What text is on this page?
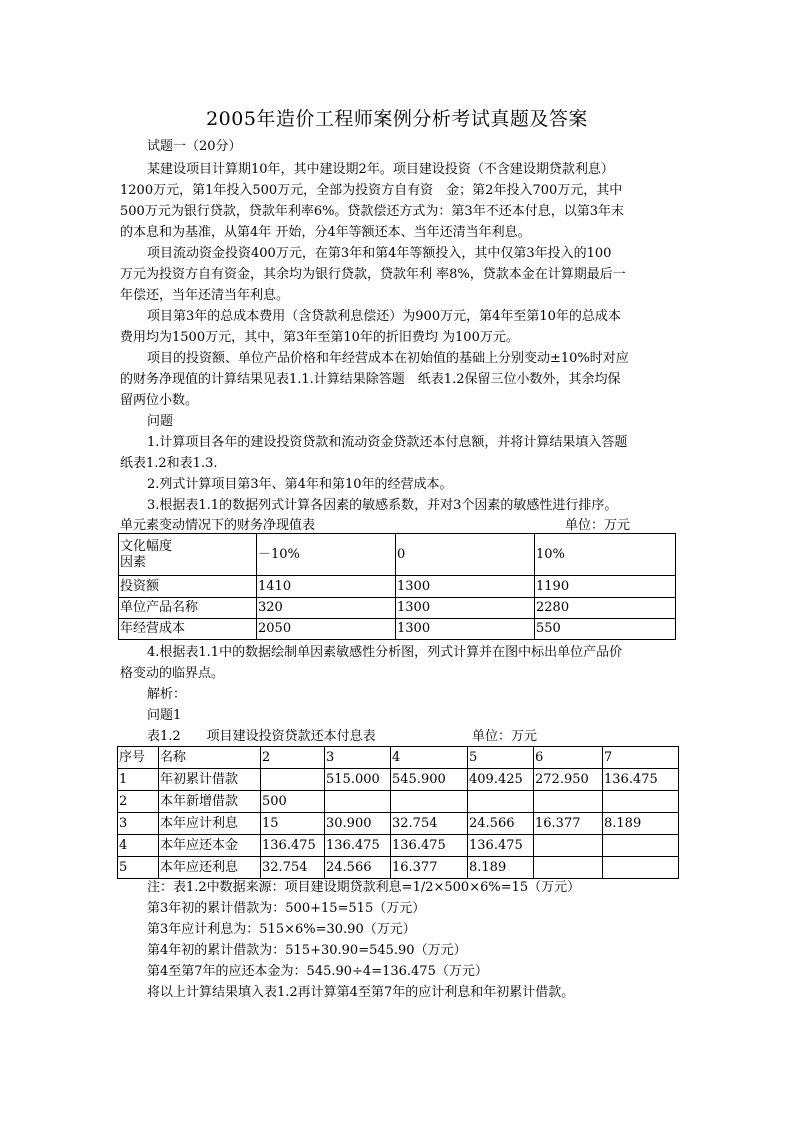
2005年造价工程师案例分析考试真题及答案
试题一（20分）
某建设项目计算期10年，其中建设期2年。项目建设投资（不含建设期贷款利息）
1200万元，第1年投入500万元，全部为投资方自有资　金；第2年投入700万元，其中
500万元为银行贷款，贷款年利率6%。贷款偿还方式为：第3年不还本付息，以第3年末
的本息和为基准，从第4年 开始，分4年等额还本、当年还清当年利息。
项目流动资金投资400万元，在第3年和第4年等额投入，其中仅第3年投入的100
万元为投资方自有资金，其余均为银行贷款，贷款年利 率8%，贷款本金在计算期最后一
年偿还，当年还清当年利息。
项目第3年的总成本费用（含贷款利息偿还）为900万元，第4年至第10年的总成本
费用均为1500万元，其中，第3年至第10年的折旧费均 为100万元。
项目的投资额、单位产品价格和年经营成本在初始值的基础上分别变动±10%时对应
的财务净现值的计算结果见表1.1.计算结果除答题　纸表1.2保留三位小数外，其余均保
留两位小数。
问题
1.计算项目各年的建设投资贷款和流动资金贷款还本付息额，并将计算结果填入答题
纸表1.2和表1.3.
2.列式计算项目第3年、第4年和第10年的经营成本。
3.根据表1.1的数据列式计算各因素的敏感系数，并对3个因素的敏感性进行排序。
单元素变动情况下的财务净现值表	单位：万元
文化幅度
因素	－10%	0	10%
投资额	1410	1300	1190
单位产品名称	320	1300	2280
年经营成本	2050	1300	550
4.根据表1.1中的数据绘制单因素敏感性分析图，列式计算并在图中标出单位产品价
格变动的临界点。
解析：
问题1
表1.2　　项目建设投资贷款还本付息表	单位：万元
序号	名称	2	3	4	5	6	7
1	年初累计借款		515.000	545.900	409.425	272.950	136.475
2	本年新增借款	500					
3	本年应计利息	15	30.900	32.754	24.566	16.377	8.189
4	本年应还本金	136.475	136.475	136.475	136.475		
5	本年应还利息	32.754	24.566	16.377	8.189		
注：表1.2中数据来源：项目建设期贷款利息=1/2×500×6%=15（万元）
第3年初的累计借款为：500+15=515（万元）
第3年应计利息为：515×6%=30.90（万元）
第4年初的累计借款为：515+30.90=545.90（万元）
第4至第7年的应还本金为：545.90÷4=136.475（万元）
将以上计算结果填入表1.2再计算第4至第7年的应计利息和年初累计借款。
